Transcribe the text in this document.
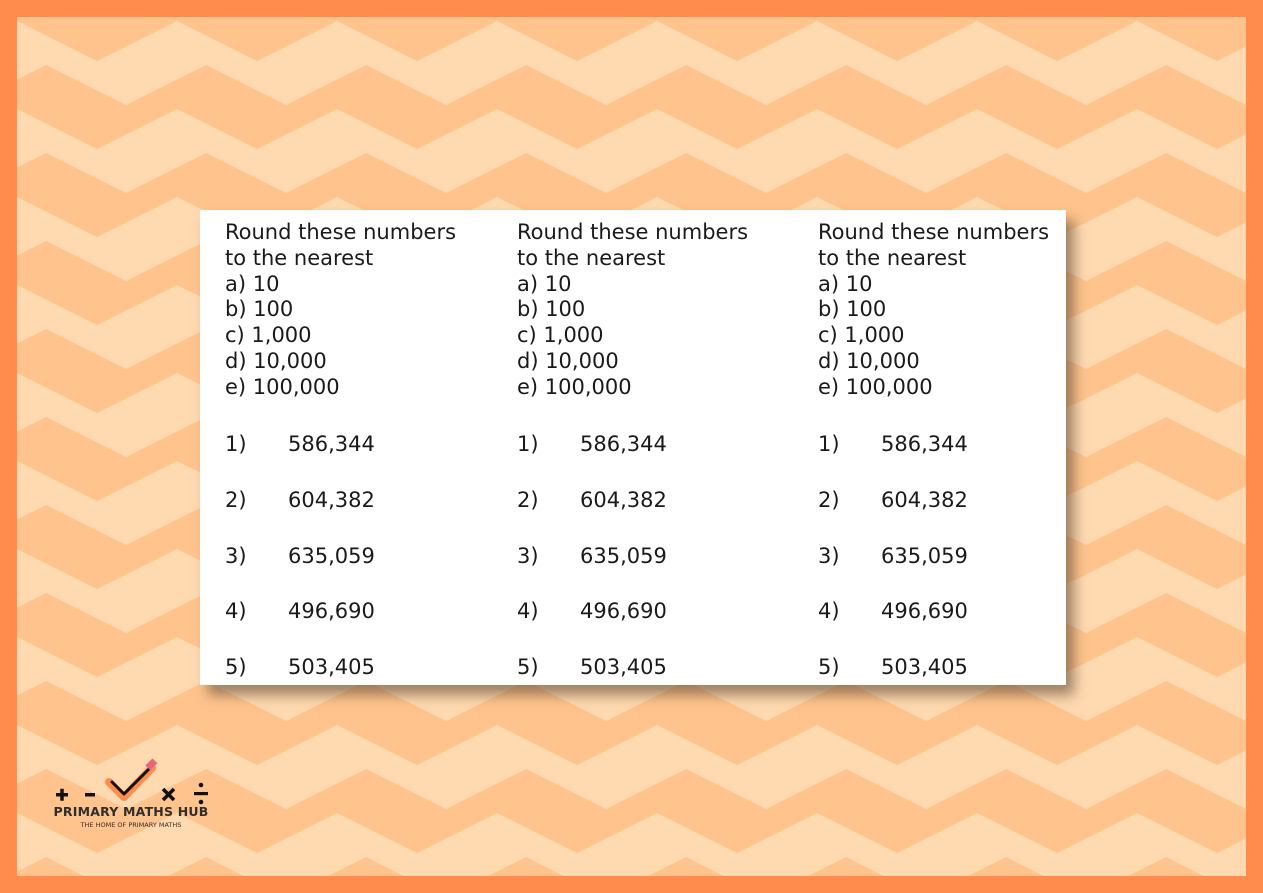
Round these numbers
to the nearest
a) 10
b) 100
c) 1,000
d) 10,000
e) 100,000
1) 586,344
2) 604,382
3) 635,059
4) 496,690
5) 503,405
Round these numbers
to the nearest
a) 10
b) 100
c) 1,000
d) 10,000
e) 100,000
1) 586,344
2) 604,382
3) 635,059
4) 496,690
5) 503,405
Round these numbers
to the nearest
a) 10
b) 100
c) 1,000
d) 10,000
e) 100,000
1) 586,344
2) 604,382
3) 635,059
4) 496,690
5) 503,405
PRIMARY MATHS HUB
THE HOME OF PRIMARY MATHS
